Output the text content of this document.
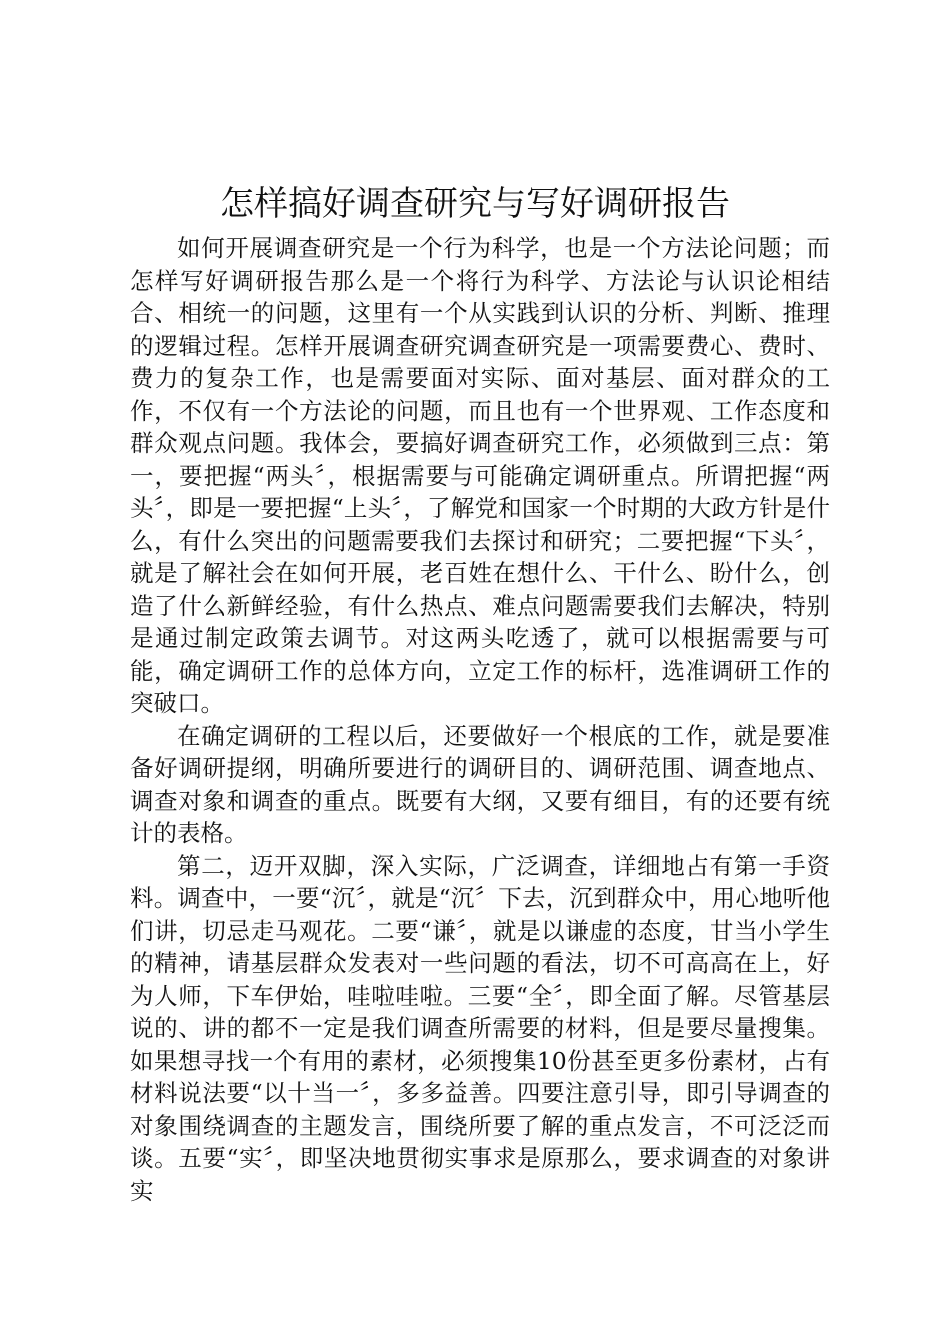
怎样搞好调查研究与写好调研报告

如何开展调查研究是一个行为科学，也是一个方法论问题；而怎样写好调研报告那么是一个将行为科学、方法论与认识论相结合、相统一的问题，这里有一个从实践到认识的分析、判断、推理的逻辑过程。怎样开展调查研究调查研究是一项需要费心、费时、费力的复杂工作，也是需要面对实际、面对基层、面对群众的工作，不仅有一个方法论的问题，而且也有一个世界观、工作态度和群众观点问题。我体会，要搞好调查研究工作，必须做到三点：第一，要把握“两头〞，根据需要与可能确定调研重点。所谓把握“两头〞，即是一要把握“上头〞，了解党和国家一个时期的大政方针是什么，有什么突出的问题需要我们去探讨和研究；二要把握“下头〞，就是了解社会在如何开展，老百姓在想什么、干什么、盼什么，创造了什么新鲜经验，有什么热点、难点问题需要我们去解决，特别是通过制定政策去调节。对这两头吃透了，就可以根据需要与可能，确定调研工作的总体方向，立定工作的标杆，选准调研工作的突破口。

在确定调研的工程以后，还要做好一个根底的工作，就是要准备好调研提纲，明确所要进行的调研目的、调研范围、调查地点、调查对象和调查的重点。既要有大纲，又要有细目，有的还要有统计的表格。

第二，迈开双脚，深入实际，广泛调查，详细地占有第一手资料。调查中，一要“沉〞，就是“沉〞下去，沉到群众中，用心地听他们讲，切忌走马观花。二要“谦〞，就是以谦虚的态度，甘当小学生的精神，请基层群众发表对一些问题的看法，切不可高高在上，好为人师，下车伊始，哇啦哇啦。三要“全〞，即全面了解。尽管基层说的、讲的都不一定是我们调查所需要的材料，但是要尽量搜集。如果想寻找一个有用的素材，必须搜集10份甚至更多份素材，占有材料说法要“以十当一〞，多多益善。四要注意引导，即引导调查的对象围绕调查的主题发言，围绕所要了解的重点发言，不可泛泛而谈。五要“实〞，即坚决地贯彻实事求是原那么，要求调查的对象讲实
